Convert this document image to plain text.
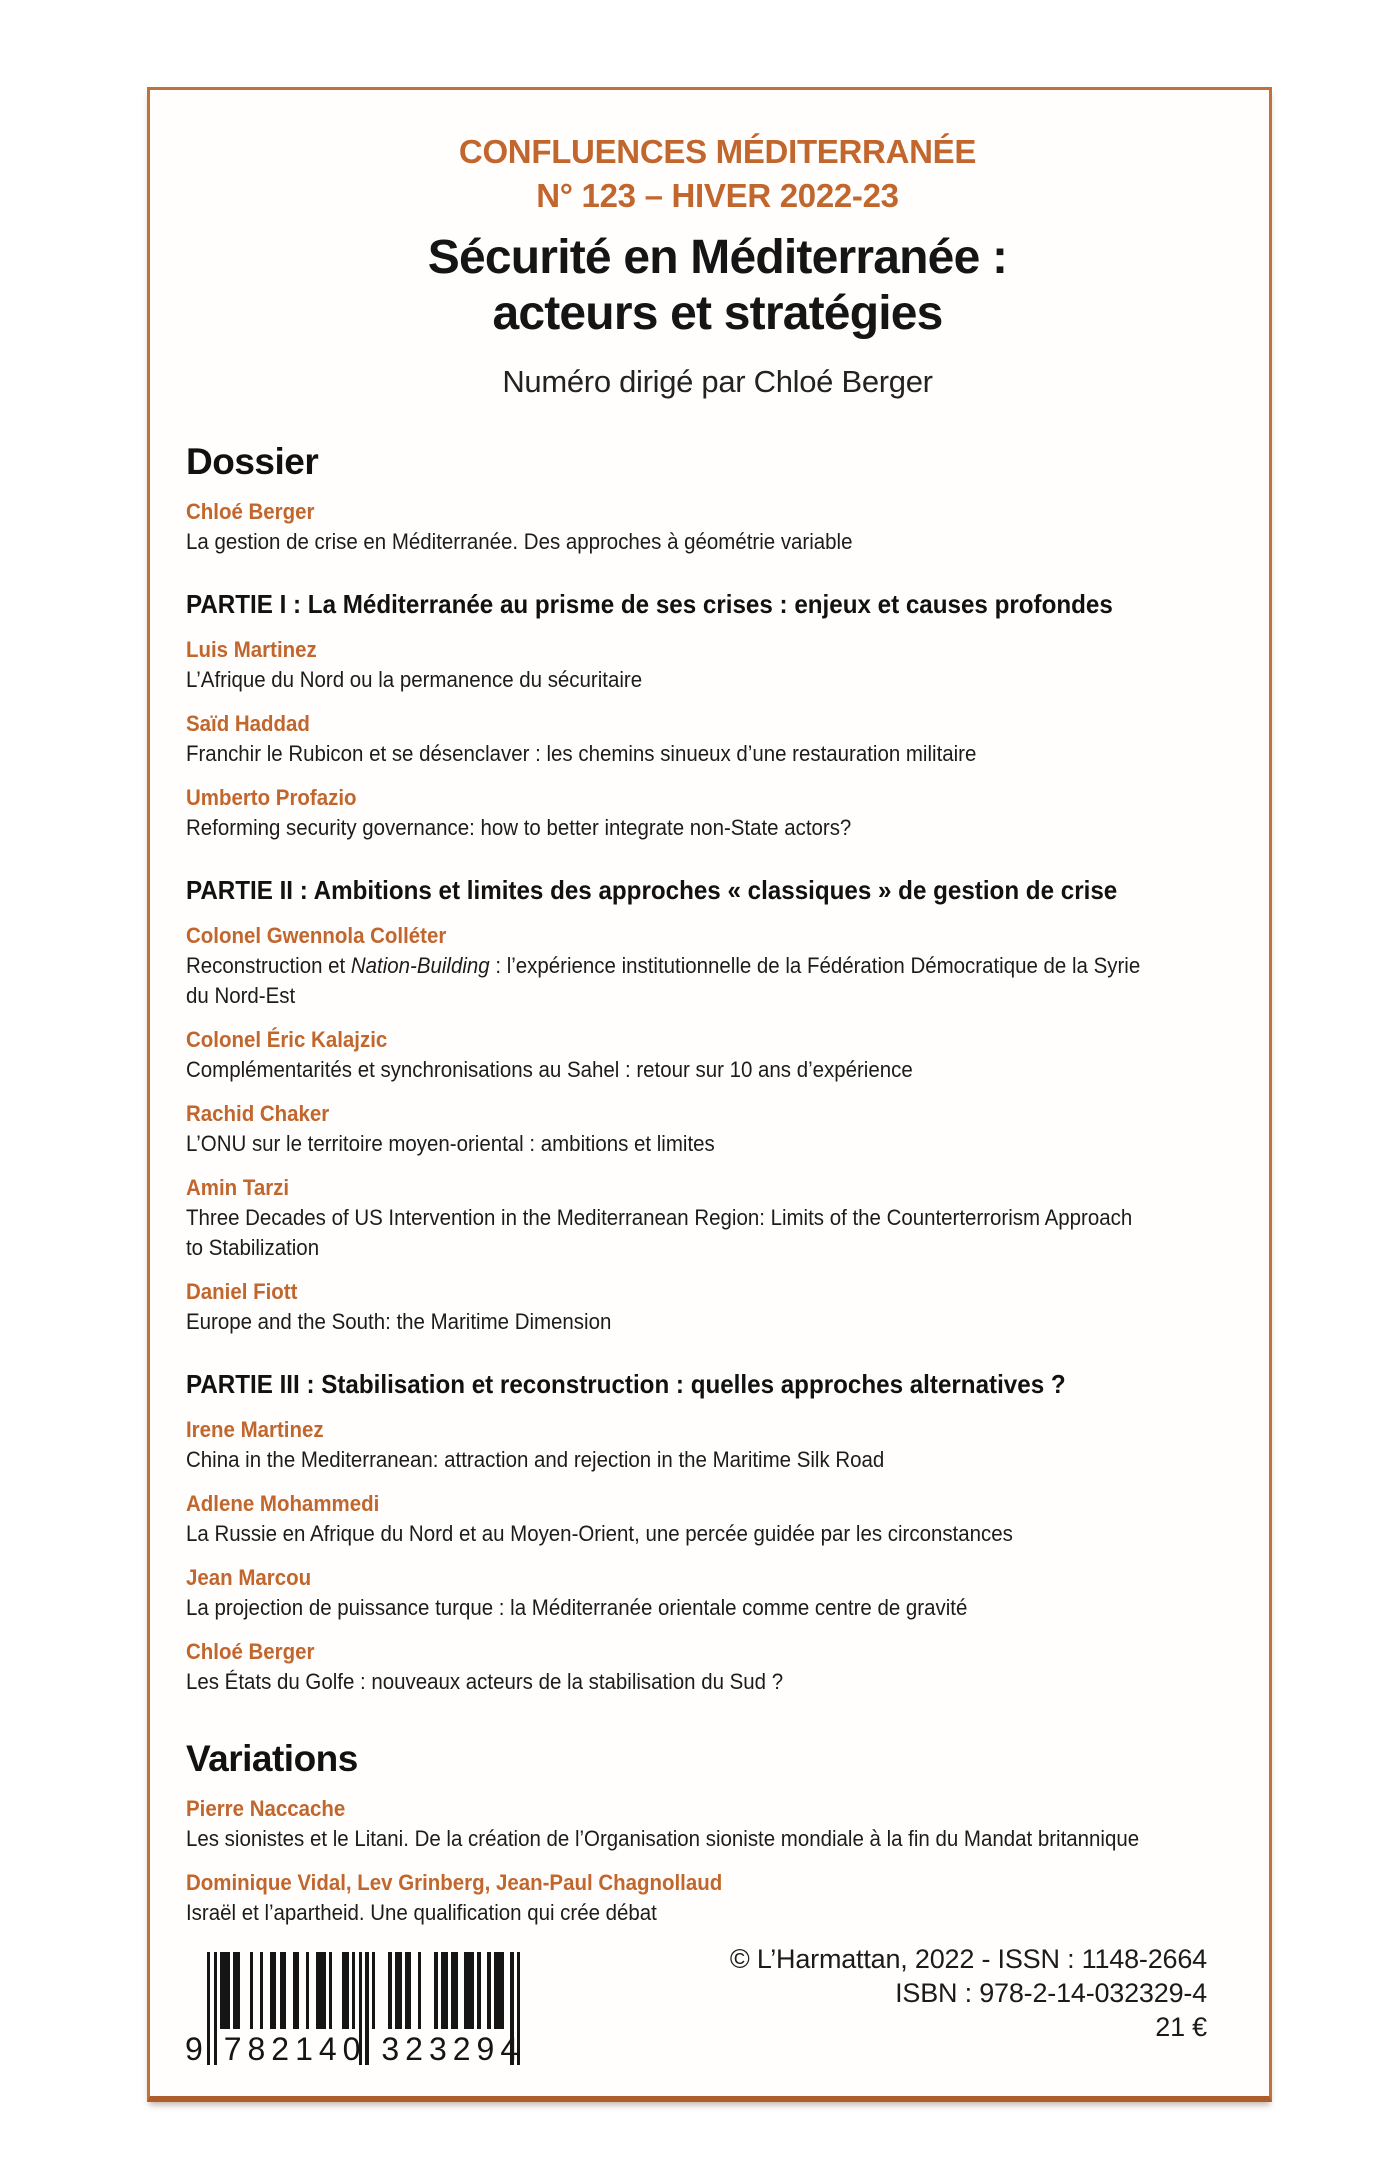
CONFLUENCES MÉDITERRANÉE
N° 123 – HIVER 2022-23
Sécurité en Méditerranée :
acteurs et stratégies
Numéro dirigé par Chloé Berger
Dossier
Chloé Berger
La gestion de crise en Méditerranée. Des approches à géométrie variable
PARTIE I : La Méditerranée au prisme de ses crises : enjeux et causes profondes
Luis Martinez
L’Afrique du Nord ou la permanence du sécuritaire
Saïd Haddad
Franchir le Rubicon et se désenclaver : les chemins sinueux d’une restauration militaire
Umberto Profazio
Reforming security governance: how to better integrate non-State actors?
PARTIE II : Ambitions et limites des approches « classiques » de gestion de crise
Colonel Gwennola Colléter
Reconstruction et Nation-Building : l’expérience institutionnelle de la Fédération Démocratique de la Syrie
du Nord-Est
Colonel Éric Kalajzic
Complémentarités et synchronisations au Sahel : retour sur 10 ans d’expérience
Rachid Chaker
L’ONU sur le territoire moyen-oriental : ambitions et limites
Amin Tarzi
Three Decades of US Intervention in the Mediterranean Region: Limits of the Counterterrorism Approach
to Stabilization
Daniel Fiott
Europe and the South: the Maritime Dimension
PARTIE III : Stabilisation et reconstruction : quelles approches alternatives ?
Irene Martinez
China in the Mediterranean: attraction and rejection in the Maritime Silk Road
Adlene Mohammedi
La Russie en Afrique du Nord et au Moyen-Orient, une percée guidée par les circonstances
Jean Marcou
La projection de puissance turque : la Méditerranée orientale comme centre de gravité
Chloé Berger
Les États du Golfe : nouveaux acteurs de la stabilisation du Sud ?
Variations
Pierre Naccache
Les sionistes et le Litani. De la création de l’Organisation sioniste mondiale à la fin du Mandat britannique
Dominique Vidal, Lev Grinberg, Jean-Paul Chagnollaud
Israël et l’apartheid. Une qualification qui crée débat
9 782140 323294
© L’Harmattan, 2022 - ISSN : 1148-2664
ISBN : 978-2-14-032329-4
21 €
